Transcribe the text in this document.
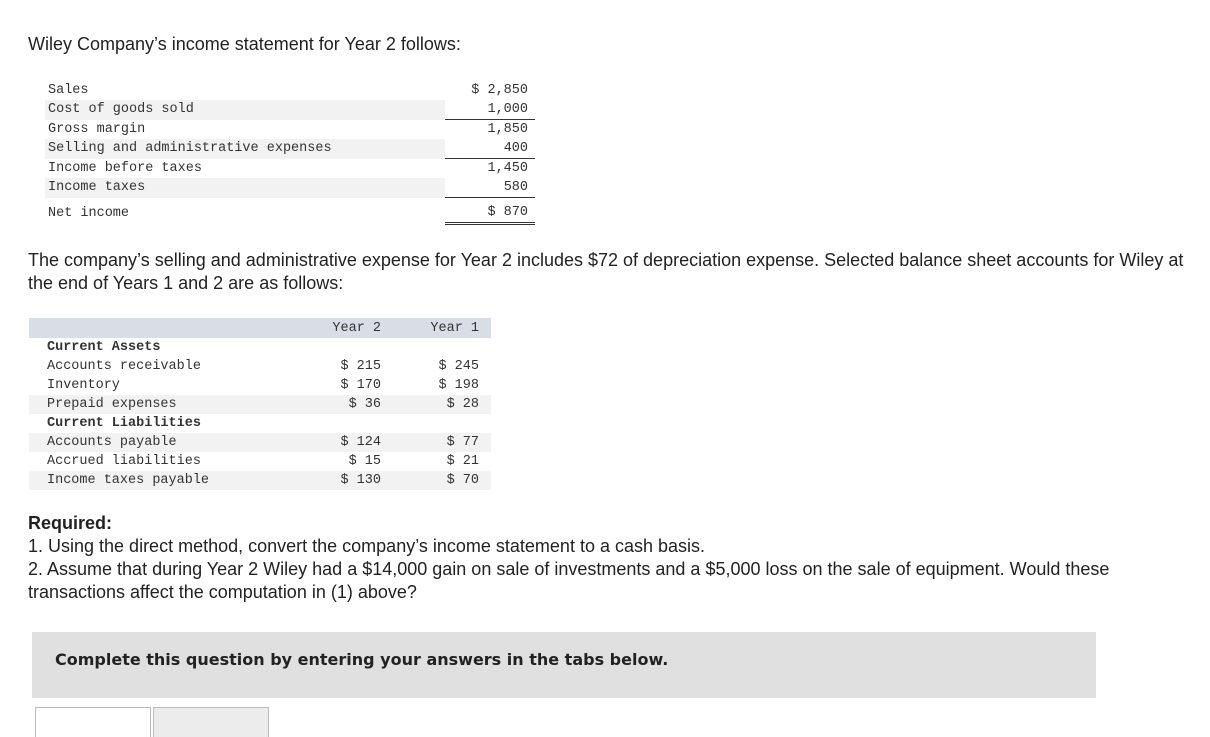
Wiley Company’s income statement for Year 2 follows:

Sales	$ 2,850
Cost of goods sold	1,000
Gross margin	1,850
Selling and administrative expenses	400
Income before taxes	1,450
Income taxes	580
Net income	$ 870

The company’s selling and administrative expense for Year 2 includes $72 of depreciation expense. Selected balance sheet accounts for Wiley at the end of Years 1 and 2 are as follows:

	Year 2	Year 1
Current Assets		
Accounts receivable	$ 215	$ 245
Inventory	$ 170	$ 198
Prepaid expenses	$ 36	$ 28
Current Liabilities		
Accounts payable	$ 124	$ 77
Accrued liabilities	$ 15	$ 21
Income taxes payable	$ 130	$ 70
Required:
1. Using the direct method, convert the company’s income statement to a cash basis.
2. Assume that during Year 2 Wiley had a $14,000 gain on sale of investments and a $5,000 loss on the sale of equipment. Would these transactions affect the computation in (1) above?
Complete this question by entering your answers in the tabs below.
